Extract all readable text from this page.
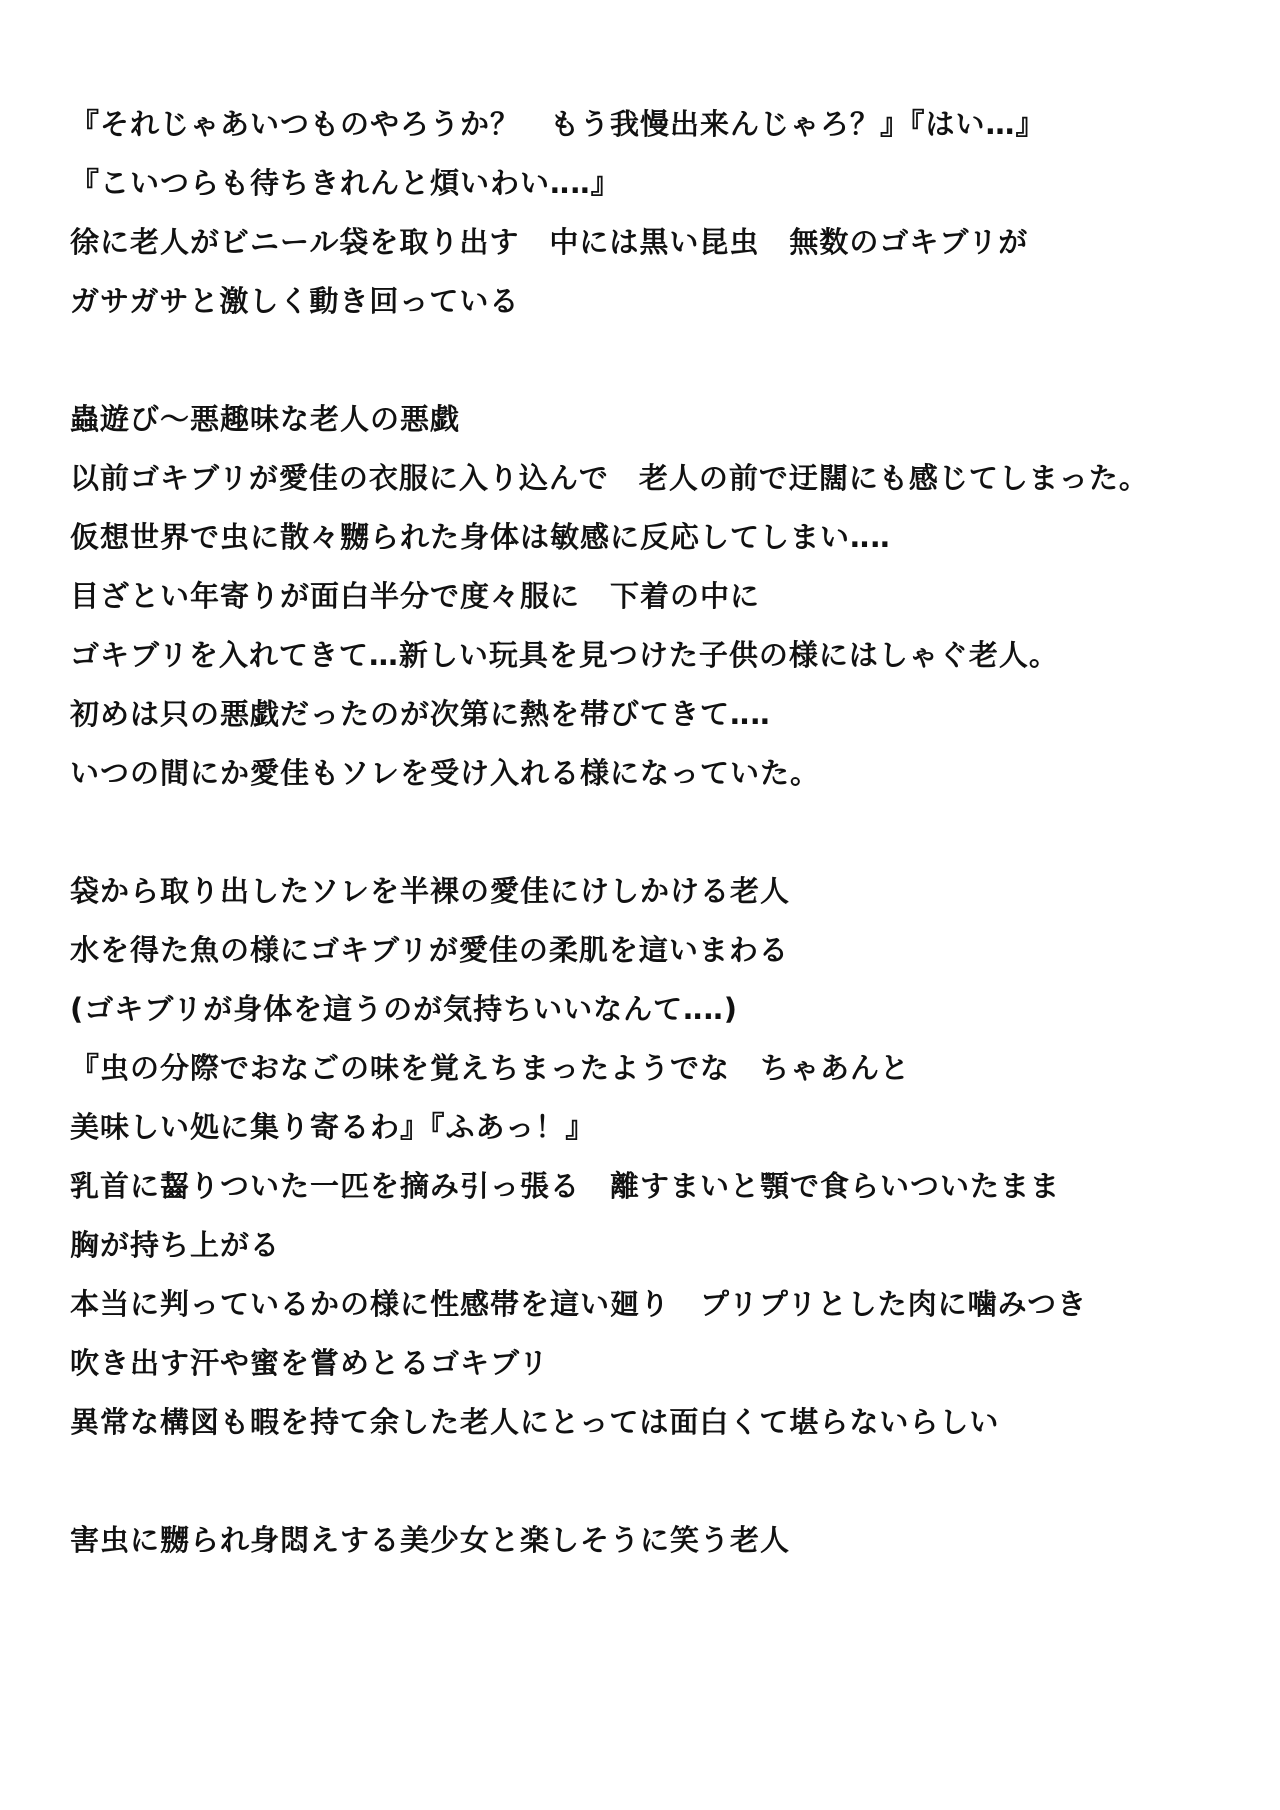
『それじゃあいつものやろうか？　もう我慢出来んじゃろ？』『はい…』
『こいつらも待ちきれんと煩いわい‥‥』
徐に老人がビニール袋を取り出す　中には黒い昆虫　無数のゴキブリが
ガサガサと激しく動き回っている
蟲遊び～悪趣味な老人の悪戯
以前ゴキブリが愛佳の衣服に入り込んで　老人の前で迂闊にも感じてしまった。
仮想世界で虫に散々嬲られた身体は敏感に反応してしまい‥‥
目ざとい年寄りが面白半分で度々服に　下着の中に
ゴキブリを入れてきて…新しい玩具を見つけた子供の様にはしゃぐ老人。
初めは只の悪戯だったのが次第に熱を帯びてきて‥‥
いつの間にか愛佳もソレを受け入れる様になっていた。
袋から取り出したソレを半裸の愛佳にけしかける老人
水を得た魚の様にゴキブリが愛佳の柔肌を這いまわる
(ゴキブリが身体を這うのが気持ちいいなんて‥‥)
『虫の分際でおなごの味を覚えちまったようでな　ちゃあんと
美味しい処に集り寄るわ』『ふあっ！』
乳首に齧りついた一匹を摘み引っ張る　離すまいと顎で食らいついたまま
胸が持ち上がる
本当に判っているかの様に性感帯を這い廻り　プリプリとした肉に噛みつき
吹き出す汗や蜜を嘗めとるゴキブリ
異常な構図も暇を持て余した老人にとっては面白くて堪らないらしい
害虫に嬲られ身悶えする美少女と楽しそうに笑う老人
